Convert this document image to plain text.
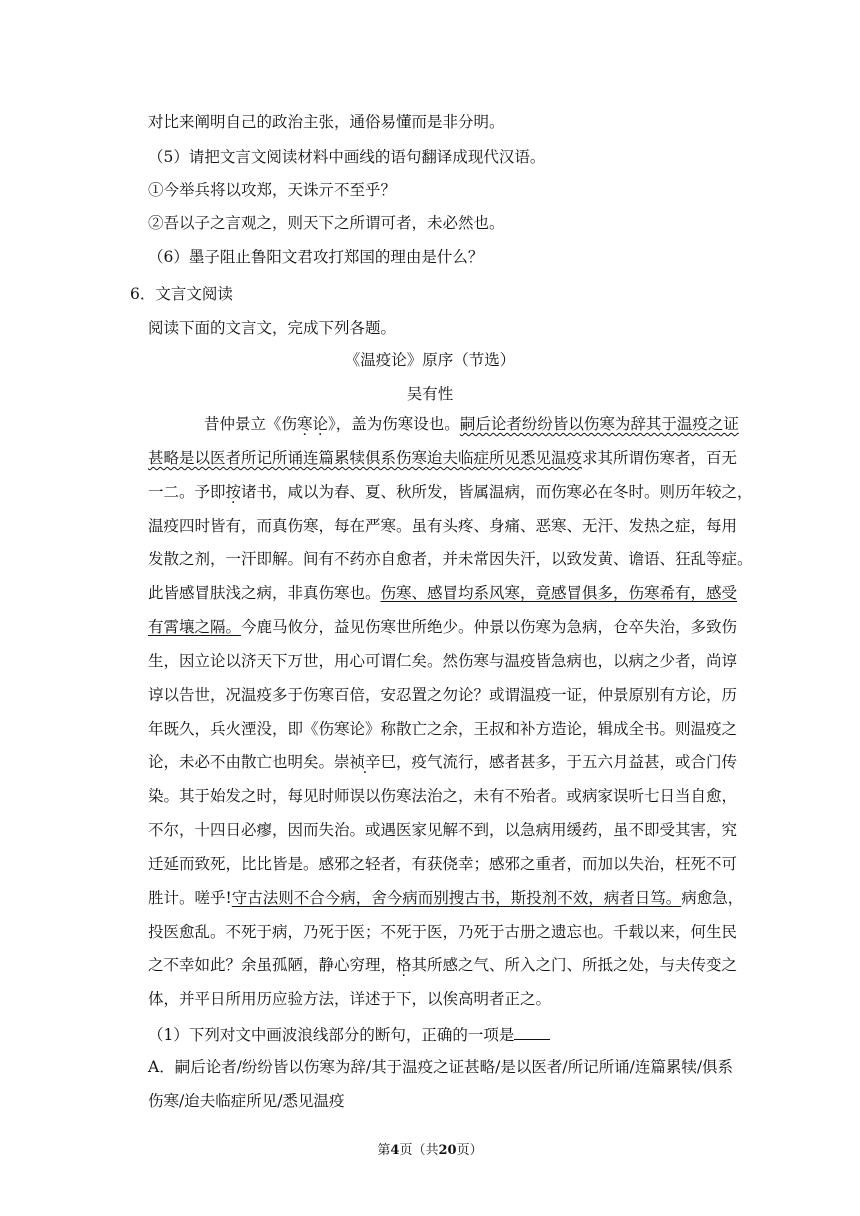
对比来阐明自己的政治主张，通俗易懂而是非分明。
（5）请把文言文阅读材料中画线的语句翻译成现代汉语。
①今举兵将以攻郑，天诛亓不至乎？
②吾以子之言观之，则天下之所谓可者，未必然也。
（6）墨子阻止鲁阳文君攻打郑国的理由是什么？
6．文言文阅读
阅读下面的文言文，完成下列各题。
《温疫论》原序（节选）
吴有性
昔仲景立《伤寒论》，盖为伤寒设也。嗣后论者纷纷皆以伤寒为辞其于温疫之证
甚略是以医者所记所诵连篇累犊俱系伤寒迨夫临症所见悉见温疫求其所谓伤寒者，百无
一二。予即按诸书，咸以为春、夏、秋所发，皆属温病，而伤寒必在冬时。则历年较之，
温疫四时皆有，而真伤寒，每在严寒。虽有头疼、身痛、恶寒、无汗、发热之症，每用
发散之剂，一汗即解。间有不药亦自愈者，并未常因失汗，以致发黄、谵语、狂乱等症。
此皆感冒肤浅之病，非真伤寒也。伤寒、感冒均系风寒，竟感冒俱多，伤寒希有，感受
有霄壤之隔。今鹿马攸分，益见伤寒世所绝少。仲景以伤寒为急病，仓卒失治，多致伤
生，因立论以济天下万世，用心可谓仁矣。然伤寒与温疫皆急病也，以病之少者，尚谆
谆以告世，况温疫多于伤寒百倍，安忍置之勿论？或谓温疫一证，仲景原别有方论，历
年既久，兵火湮没，即《伤寒论》称散亡之余，王叔和补方造论，辑成全书。则温疫之
论，未必不由散亡也明矣。崇祯辛巳，疫气流行，感者甚多，于五六月益甚，或合门传
染。其于始发之时，每见时师误以伤寒法治之，未有不殆者。或病家误听七日当自愈，
不尔，十四日必瘳，因而失治。或遇医家见解不到，以急病用缓药，虽不即受其害，究
迁延而致死，比比皆是。感邪之轻者，有获侥幸；感邪之重者，而加以失治，枉死不可
胜计。嗟乎!守古法则不合今病，舍今病而别搜古书，斯投剂不效，病者日笃。病愈急，
投医愈乱。不死于病，乃死于医；不死于医，乃死于古册之遗忘也。千载以来，何生民
之不幸如此？余虽孤陋，静心穷理，格其所感之气、所入之门、所抵之处，与夫传变之
体，并平日所用历应验方法，详述于下，以俟高明者正之。
（1）下列对文中画波浪线部分的断句，正确的一项是
A．嗣后论者/纷纷皆以伤寒为辞/其于温疫之证甚略/是以医者/所记所诵/连篇累犊/俱系
伤寒/迨夫临症所见/悉见温疫
第4页（共20页）
